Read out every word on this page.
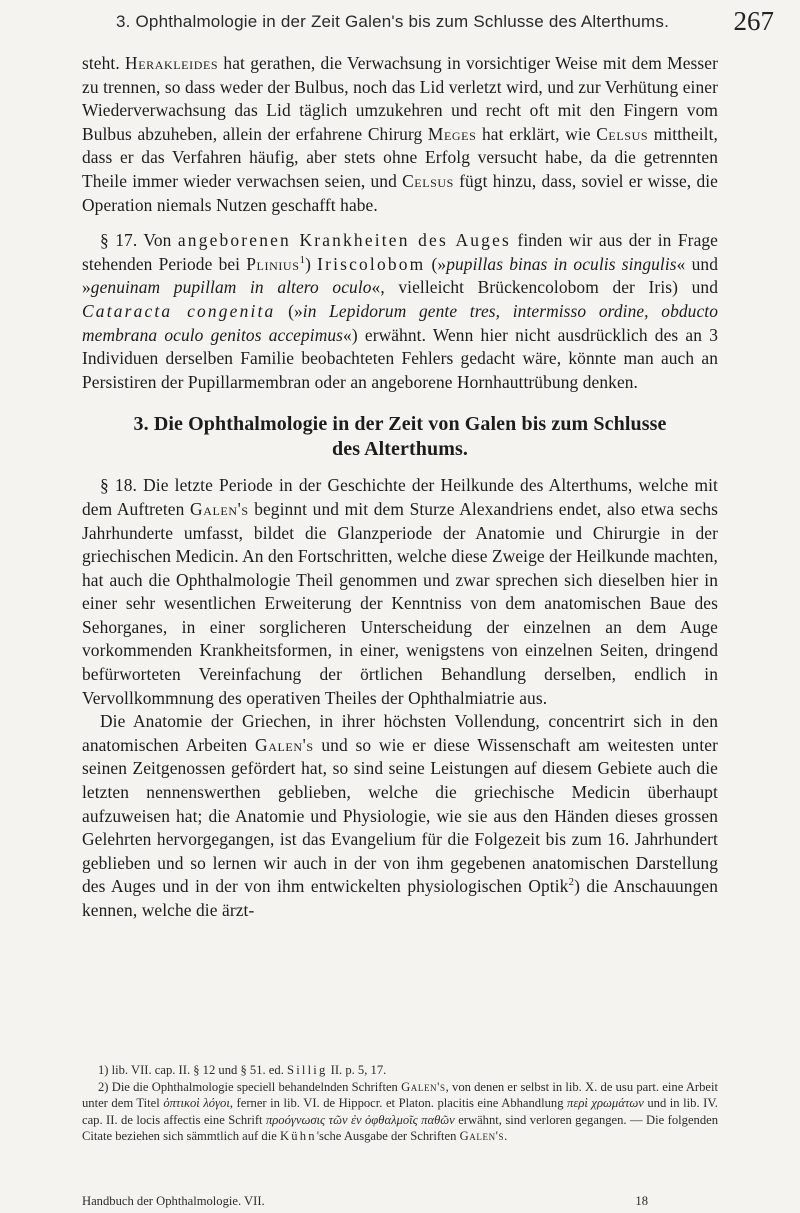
3. Ophthalmologie in der Zeit Galen's bis zum Schlusse des Alterthums. 267

steht. Herakleides hat gerathen, die Verwachsung in vorsichtiger Weise mit dem Messer zu trennen, so dass weder der Bulbus, noch das Lid verletzt wird, und zur Verhütung einer Wiederverwachsung das Lid täglich umzukehren und recht oft mit den Fingern vom Bulbus abzuheben, allein der erfahrene Chirurg Meges hat erklärt, wie Celsus mittheilt, dass er das Verfahren häufig, aber stets ohne Erfolg versucht habe, da die getrennten Theile immer wieder verwachsen seien, und Celsus fügt hinzu, dass, soviel er wisse, die Operation niemals Nutzen geschafft habe.

§ 17. Von angeborenen Krankheiten des Auges finden wir aus der in Frage stehenden Periode bei Plinius$^1$) Iriscolobom (»pupillas binas in oculis singulis« und »genuinam pupillam in altero oculo«, vielleicht Brückencolobom der Iris) und Cataracta congenita (»in Lepidorum gente tres, intermisso ordine, obducto membrana oculo genitos accepimus«) erwähnt. Wenn hier nicht ausdrücklich des an 3 Individuen derselben Familie beobachteten Fehlers gedacht wäre, könnte man auch an Persistiren der Pupillarmembran oder an angeborene Hornhauttrübung denken.

3. Die Ophthalmologie in der Zeit von Galen bis zum Schlusse
des Alterthums.

§ 18. Die letzte Periode in der Geschichte der Heilkunde des Alterthums, welche mit dem Auftreten Galen's beginnt und mit dem Sturze Alexandriens endet, also etwa sechs Jahrhunderte umfasst, bildet die Glanzperiode der Anatomie und Chirurgie in der griechischen Medicin. An den Fortschritten, welche diese Zweige der Heilkunde machten, hat auch die Ophthalmologie Theil genommen und zwar sprechen sich dieselben hier in einer sehr wesentlichen Erweiterung der Kenntniss von dem anatomischen Baue des Sehorganes, in einer sorglicheren Unterscheidung der einzelnen an dem Auge vorkommenden Krankheitsformen, in einer, wenigstens von einzelnen Seiten, dringend befürworteten Vereinfachung der örtlichen Behandlung derselben, endlich in Vervollkommnung des operativen Theiles der Ophthalmiatrie aus.

Die Anatomie der Griechen, in ihrer höchsten Vollendung, concentrirt sich in den anatomischen Arbeiten Galen's und so wie er diese Wissenschaft am weitesten unter seinen Zeitgenossen gefördert hat, so sind seine Leistungen auf diesem Gebiete auch die letzten nennenswerthen geblieben, welche die griechische Medicin überhaupt aufzuweisen hat; die Anatomie und Physiologie, wie sie aus den Händen dieses grossen Gelehrten hervorgegangen, ist das Evangelium für die Folgezeit bis zum 16. Jahrhundert geblieben und so lernen wir auch in der von ihm gegebenen anatomischen Darstellung des Auges und in der von ihm entwickelten physiologischen Optik$^2$) die Anschauungen kennen, welche die ärzt-

1) lib. VII. cap. II. § 12 und § 51. ed. Sillig II. p. 5, 17.

2) Die die Ophthalmologie speciell behandelnden Schriften Galen's, von denen er selbst in lib. X. de usu part. eine Arbeit unter dem Titel ὀπτικοὶ λόγοι, ferner in lib. VI. de Hippocr. et Platon. placitis eine Abhandlung περὶ χρωμάτων und in lib. IV. cap. II. de locis affectis eine Schrift προόγνωσις τῶν ἐν ὀφθαλμοῖς παθῶν erwähnt, sind verloren gegangen. — Die folgenden Citate beziehen sich sämmtlich auf die Kühn'sche Ausgabe der Schriften Galen's.

Handbuch der Ophthalmologie. VII.	18
